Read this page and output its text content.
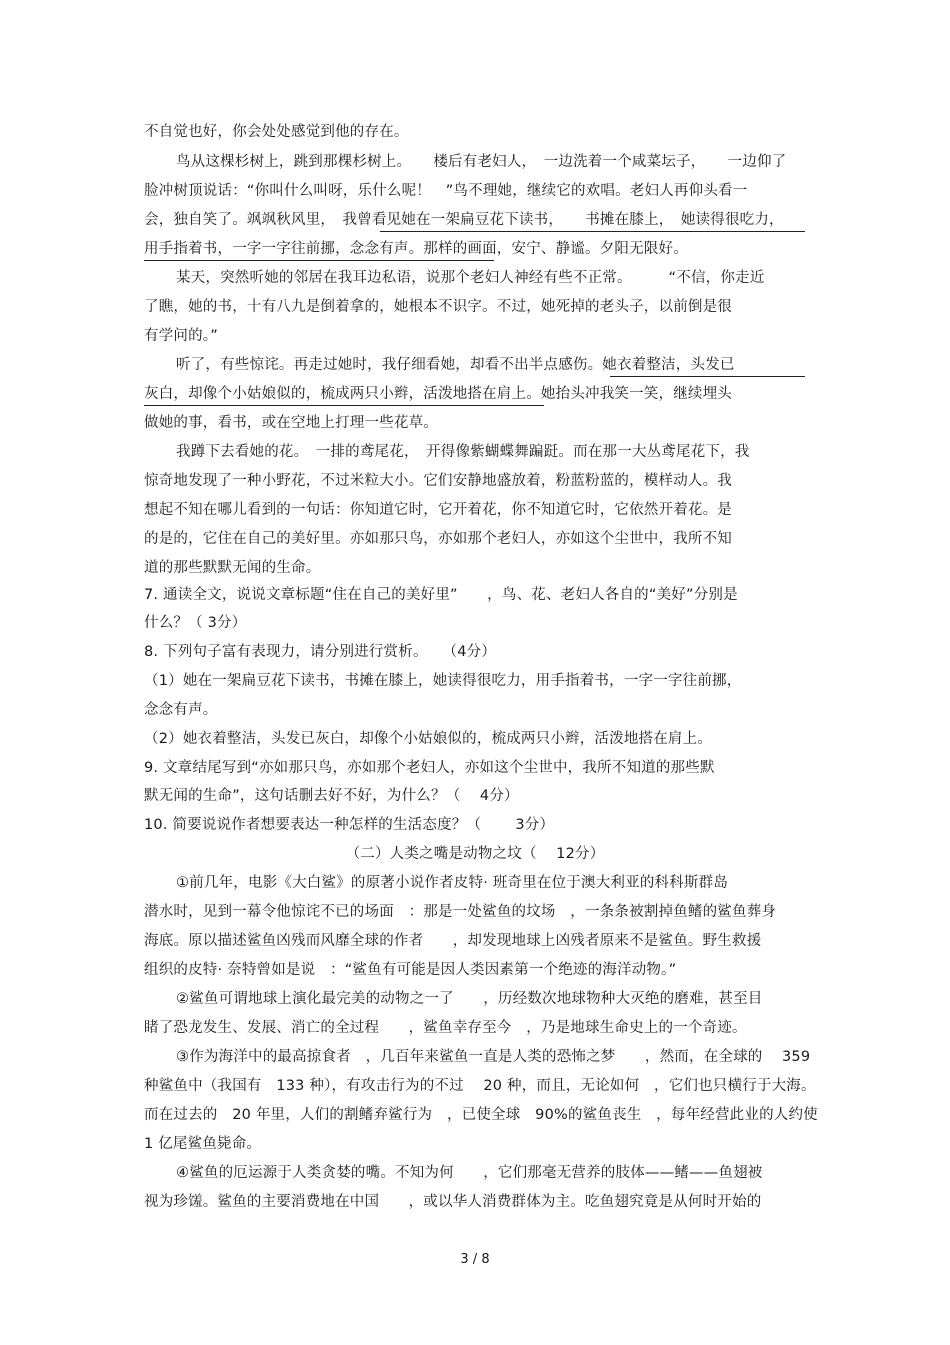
不自觉也好，你会处处感觉到他的存在。
鸟从这棵杉树上，跳到那棵杉树上。　　楼后有老妇人，　一边洗着一个咸菜坛子，　　一边仰了
脸冲树顶说话：“你叫什么叫呀，乐什么呢！　”鸟不理她，继续它的欢唱。老妇人再仰头看一
会，独自笑了。飒飒秋风里，　我曾看见她在一架扁豆花下读书，　　书摊在膝上，　她读得很吃力，
用手指着书，一字一字往前挪，念念有声。那样的画面，安宁、静谧。夕阳无限好。
某天，突然听她的邻居在我耳边私语，说那个老妇人神经有些不正常。　　　“不信，你走近
了瞧，她的书，十有八九是倒着拿的，她根本不识字。不过，她死掉的老头子，以前倒是很
有学问的。”
听了，有些惊诧。再走过她时，我仔细看她，却看不出半点感伤。她衣着整洁，头发已
灰白，却像个小姑娘似的，梳成两只小辫，活泼地搭在肩上。她抬头冲我笑一笑，继续埋头
做她的事，看书，或在空地上打理一些花草。
我蹲下去看她的花。　一排的鸢尾花，　开得像紫蝴蝶舞蹁跹。而在那一大丛鸢尾花下，我
惊奇地发现了一种小野花，不过米粒大小。它们安静地盛放着，粉蓝粉蓝的，模样动人。我
想起不知在哪儿看到的一句话：你知道它时，它开着花，你不知道它时，它依然开着花。是
的是的，它住在自己的美好里。亦如那只鸟，亦如那个老妇人，亦如这个尘世中，我所不知
道的那些默默无闻的生命。
7. 通读全文，说说文章标题“住在自己的美好里”　　，鸟、花、老妇人各自的“美好”分别是
什么？（ 3分）
8. 下列句子富有表现力，请分别进行赏析。　　（4分）
（1）她在一架扁豆花下读书，书摊在膝上，她读得很吃力，用手指着书，一字一字往前挪，
念念有声。
（2）她衣着整洁，头发已灰白，却像个小姑娘似的，梳成两只小辫，活泼地搭在肩上。
9. 文章结尾写到“亦如那只鸟，亦如那个老妇人，亦如这个尘世中，我所不知道的那些默
默无闻的生命”，这句话删去好不好，为什么？（　 4分）
10. 简要说说作者想要表达一种怎样的生活态度？（　　 3分）
（二）人类之嘴是动物之坟（　 12分）
①前几年，电影《大白鲨》的原著小说作者皮特· 班奇里在位于澳大利亚的科科斯群岛
潜水时，见到一幕令他惊诧不已的场面　：那是一处鲨鱼的坟场　，一条条被割掉鱼鳍的鲨鱼葬身
海底。原以描述鲨鱼凶残而风靡全球的作者　　，却发现地球上凶残者原来不是鲨鱼。野生救援
组织的皮特· 奈特曾如是说　：“鲨鱼有可能是因人类因素第一个绝迹的海洋动物。”
②鲨鱼可谓地球上演化最完美的动物之一了　　，历经数次地球物种大灭绝的磨难，甚至目
睹了恐龙发生、发展、消亡的全过程　　，鲨鱼幸存至今　，乃是地球生命史上的一个奇迹。
③作为海洋中的最高掠食者　，几百年来鲨鱼一直是人类的恐怖之梦　　，然而，在全球的　 359
种鲨鱼中（我国有　133 种），有攻击行为的不过　 20 种，而且，无论如何　，它们也只横行于大海。
而在过去的　20 年里，人们的割鳍弃鲨行为　，已使全球　90%的鲨鱼丧生　，每年经营此业的人约使
1 亿尾鲨鱼毙命。
④鲨鱼的厄运源于人类贪婪的嘴。不知为何　　，它们那毫无营养的肢体——鳍——鱼翅被
视为珍馐。鲨鱼的主要消费地在中国　　，或以华人消费群体为主。吃鱼翅究竟是从何时开始的
3 / 8
